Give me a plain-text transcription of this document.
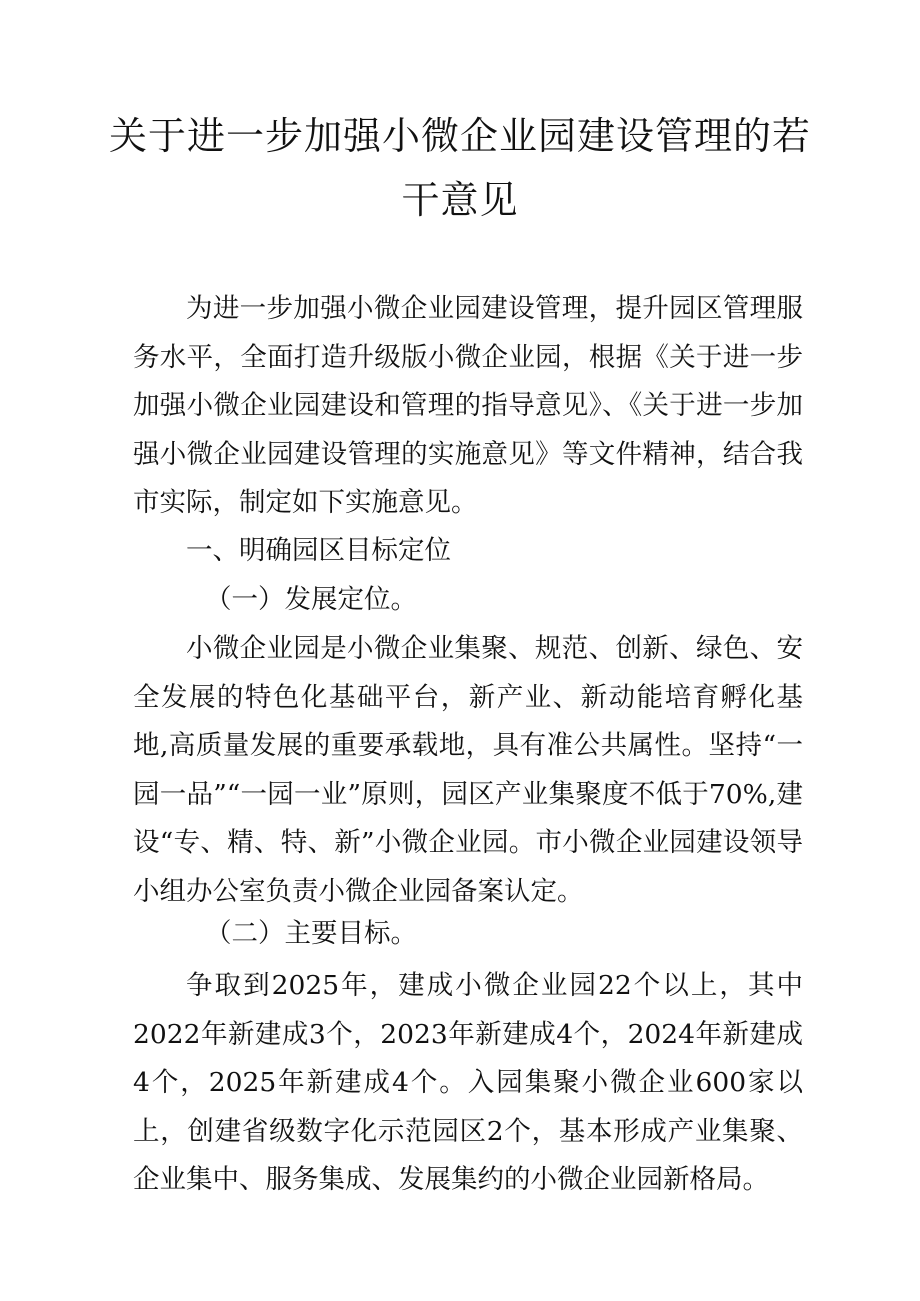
关于进一步加强小微企业园建设管理的若
干意见

为进一步加强小微企业园建设管理，提升园区管理服务水平，全面打造升级版小微企业园，根据《关于进一步加强小微企业园建设和管理的指导意见》、《关于进一步加强小微企业园建设管理的实施意见》等文件精神，结合我市实际，制定如下实施意见。

一、明确园区目标定位

（一）发展定位。

小微企业园是小微企业集聚、规范、创新、绿色、安全发展的特色化基础平台，新产业、新动能培育孵化基地,高质量发展的重要承载地，具有准公共属性。坚持“一园一品”“一园一业”原则，园区产业集聚度不低于70%,建设“专、精、特、新”小微企业园。市小微企业园建设领导小组办公室负责小微企业园备案认定。

（二）主要目标。

争取到2025年，建成小微企业园22个以上，其中2022年新建成3个，2023年新建成4个，2024年新建成4个，2025年新建成4个。入园集聚小微企业600家以上，创建省级数字化示范园区2个，基本形成产业集聚、企业集中、服务集成、发展集约的小微企业园新格局。
